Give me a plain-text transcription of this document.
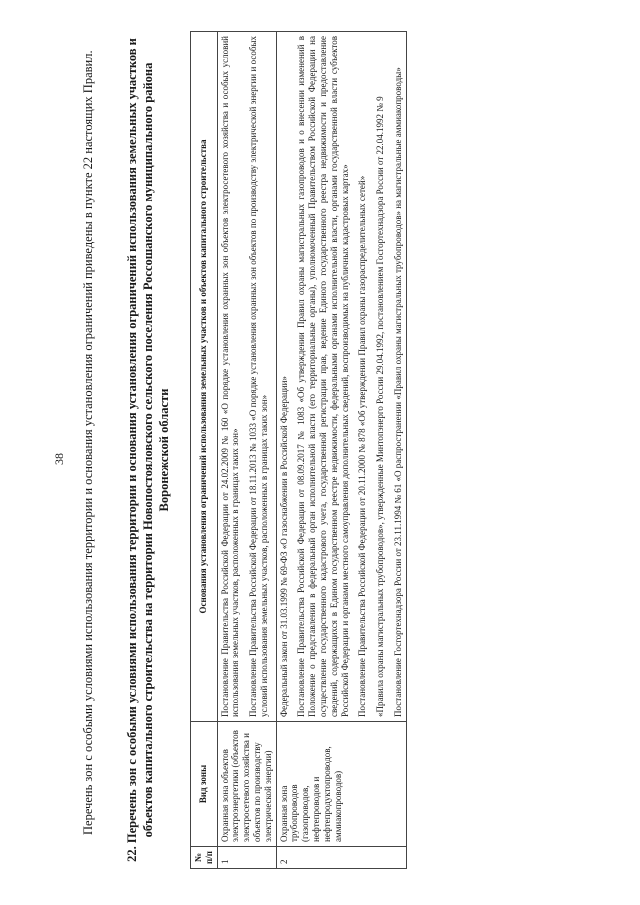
38	Перечень зон с особыми условиями использования территории и основания установления ограничений приведены в пункте 22 настоящих Правил.	22. Перечень зон с особыми условиями использования территории и основания установления ограничений использования земельных участков и объектов капитального строительства на территории Новопостояловского сельского поселения Россошанского муниципального района Воронежской области

№ п/п	Вид зоны	Основания установления ограничений использования земельных участков и объектов капитального строительства
1	Охранная зона объектов электроэнергетики (объектов электросетевого хозяйства и объектов по производству электрической энергии)	Постановление Правительства Российской Федерации от 24.02.2009 № 160 «О порядке установления охранных зон объектов электросетевого хозяйства и особых условий использования земельных участков, расположенных в границах таких зон» Постановление Правительства Российской Федерации от 18.11.2013 № 1033 «О порядке установления охранных зон объектов по производству электрической энергии и особых условий использования земельных участков, расположенных в границах таких зон»

2	Охранная зона трубопроводов (газопроводов, нефтепроводов и нефтепродуктопроводов, аммиакопроводов)	Федеральный закон от 31.03.1999 № 69-ФЗ «О газоснабжении в Российской Федерации» Постановление Правительства Российской Федерации от 08.09.2017 № 1083 «Об утверждении Правил охраны магистральных газопроводов и о внесении изменений в Положение о представлении в федеральный орган исполнительной власти (его территориальные органы), уполномоченный Правительством Российской Федерации на осуществление государственного кадастрового учета, государственной регистрации прав, ведение Единого государственного реестра недвижимости и предоставление сведений, содержащихся в Едином государственном реестре недвижимости, федеральными органами исполнительной власти, органами государственной власти субъектов Российской Федерации и органами местного самоуправления дополнительных сведений, воспроизводимых на публичных кадастровых картах» Постановление Правительства Российской Федерации от 20.11.2000 № 878 «Об утверждении Правил охраны газораспределительных сетей» «Правила охраны магистральных трубопроводов», утвержденные Минтопэнерго России 29.04.1992, постановлением Госгортехнадзора России от 22.04.1992 № 9 Постановление Госгортехнадзора России от 23.11.1994 № 61 «О распространении «Правил охраны магистральных трубопроводов» на магистральные аммиакопроводы»
